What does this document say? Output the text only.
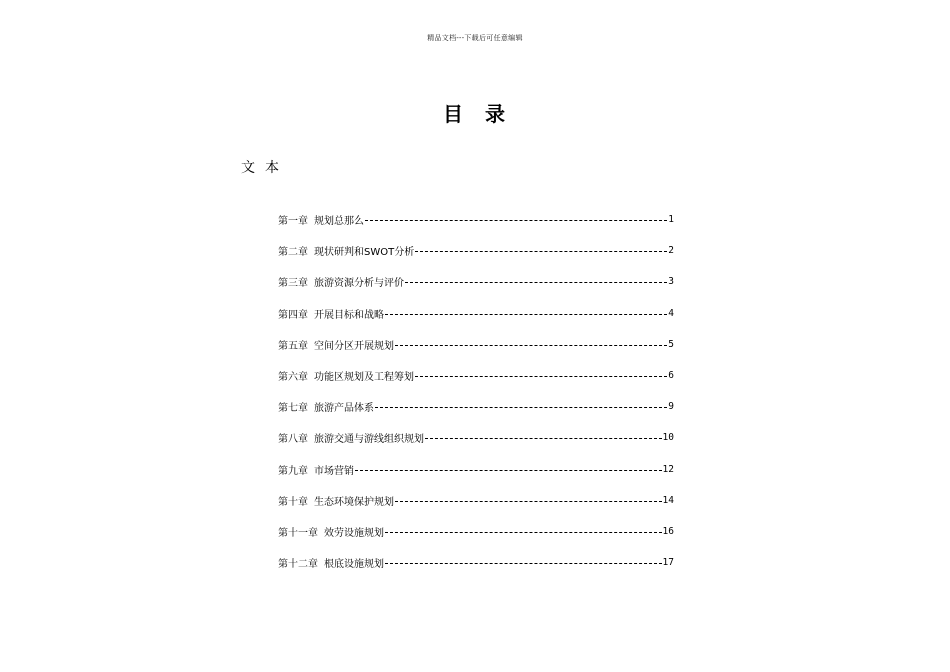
精品文档---下载后可任意编辑
目录
文本
第一章 规划总那么	1
第二章 现状研判和SWOT分析	2
第三章 旅游资源分析与评价	3
第四章 开展目标和战略	4
第五章 空间分区开展规划	5
第六章 功能区规划及工程筹划	6
第七章 旅游产品体系	9
第八章 旅游交通与游线组织规划	10
第九章 市场营销	12
第十章 生态环境保护规划	14
第十一章 效劳设施规划	16
第十二章 根底设施规划	17
